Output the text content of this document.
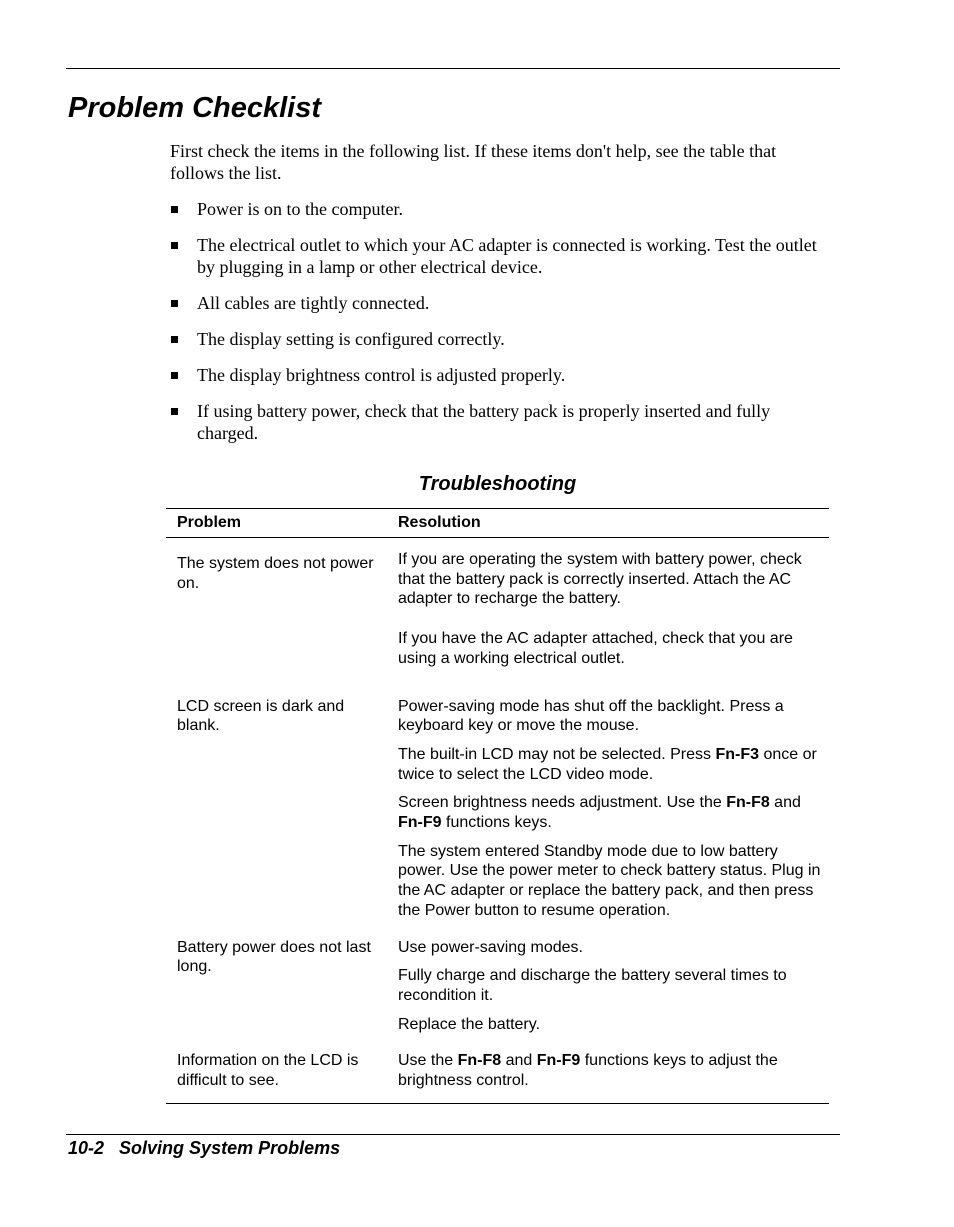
Problem Checklist

First check the items in the following list. If these items don't help, see the table that follows the list.

Power is on to the computer.
The electrical outlet to which your AC adapter is connected is working. Test the outlet by plugging in a lamp or other electrical device.
All cables are tightly connected.
The display setting is configured correctly.
The display brightness control is adjusted properly.
If using battery power, check that the battery pack is properly inserted and fully charged.
Troubleshooting
Problem	Resolution
The system does not power on.	If you are operating the system with battery power, check that the battery pack is correctly inserted. Attach the AC adapter to recharge the battery.

If you have the AC adapter attached, check that you are using a working electrical outlet.

LCD screen is dark and blank.	Power-saving mode has shut off the backlight. Press a keyboard key or move the mouse.

The built-in LCD may not be selected. Press Fn-F3 once or twice to select the LCD video mode.

Screen brightness needs adjustment. Use the Fn-F8 and Fn-F9 functions keys.

The system entered Standby mode due to low battery power. Use the power meter to check battery status. Plug in the AC adapter or replace the battery pack, and then press the Power button to resume operation.

Battery power does not last long.	Use power-saving modes.

Fully charge and discharge the battery several times to recondition it.

Replace the battery.

Information on the LCD is difficult to see.	Use the Fn-F8 and Fn-F9 functions keys to adjust the brightness control.

10-2 Solving System Problems
